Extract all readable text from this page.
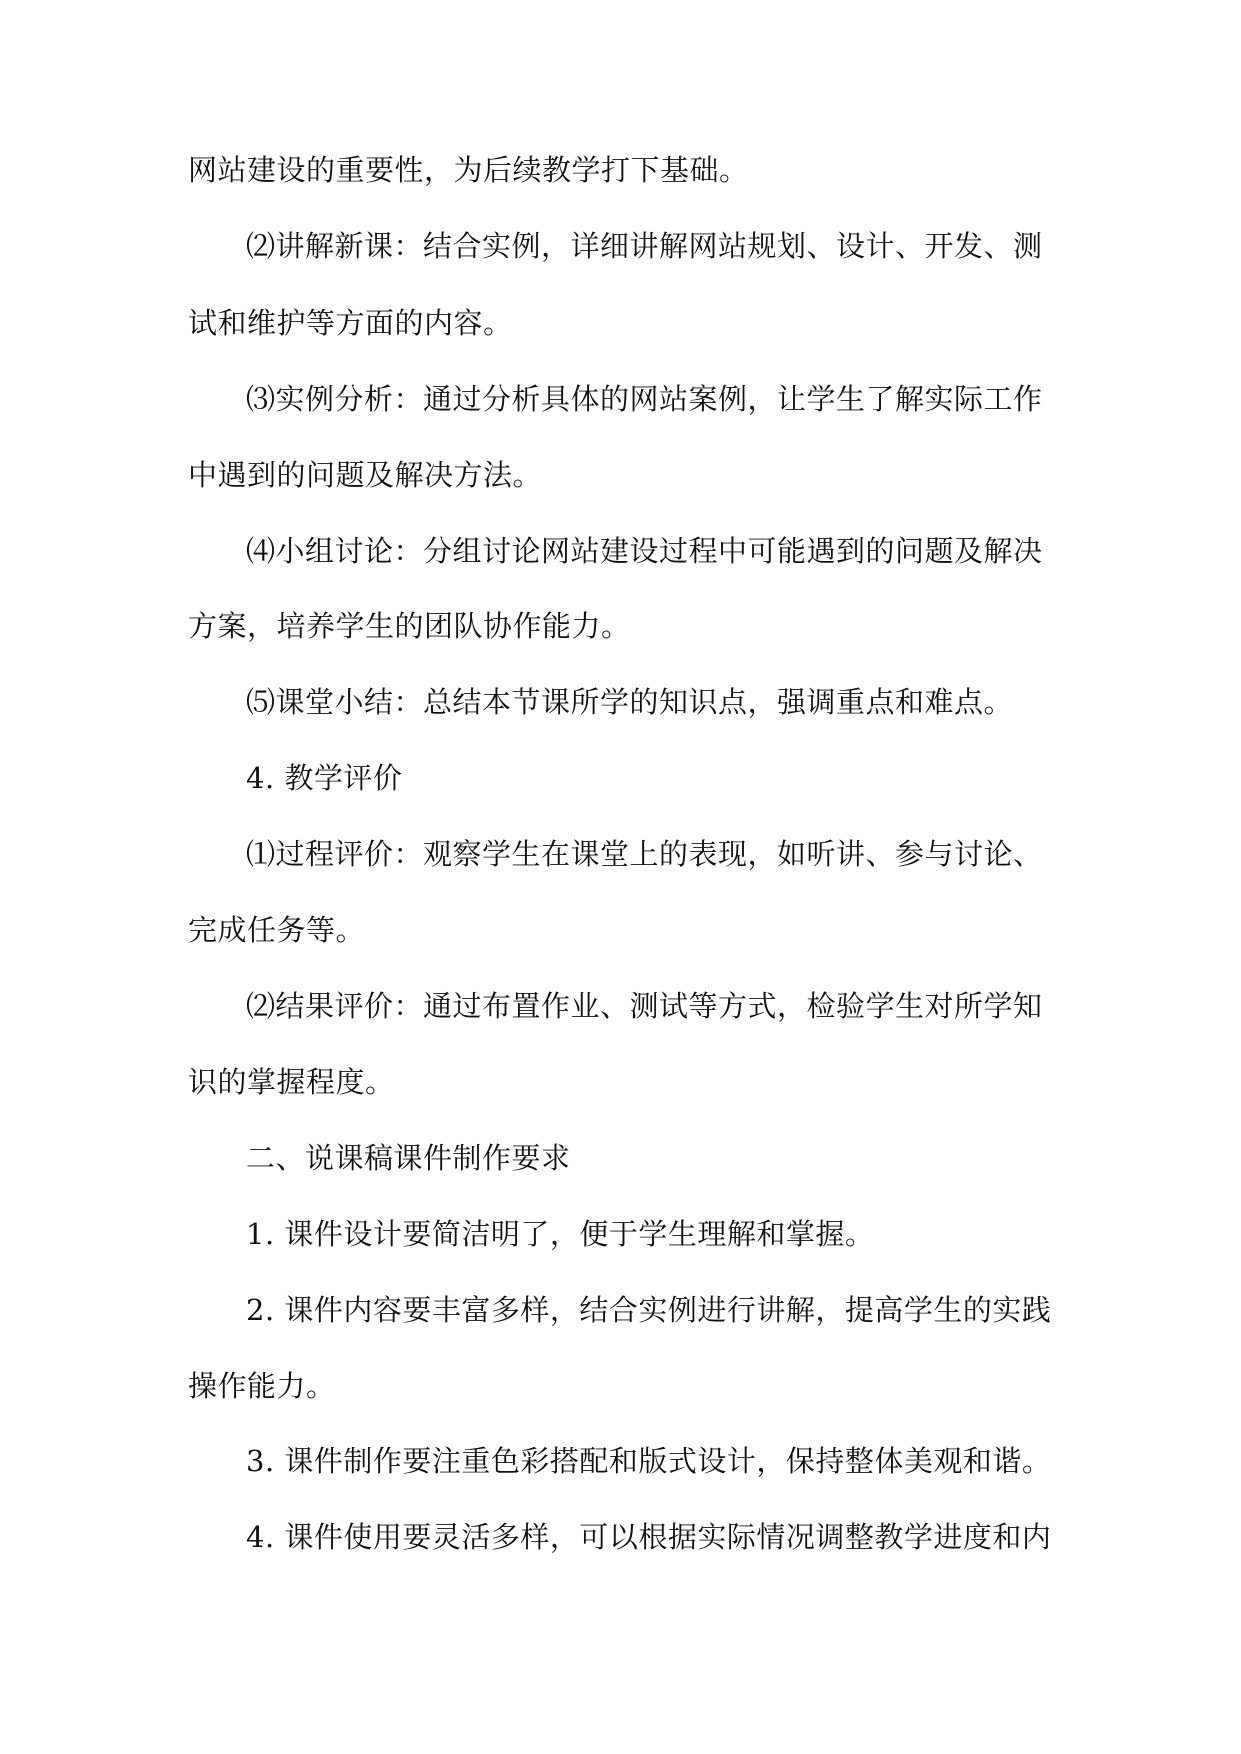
网站建设的重要性，为后续教学打下基础。
⑵讲解新课：结合实例，详细讲解网站规划、设计、开发、测
试和维护等方面的内容。
⑶实例分析：通过分析具体的网站案例，让学生了解实际工作
中遇到的问题及解决方法。
⑷小组讨论：分组讨论网站建设过程中可能遇到的问题及解决
方案，培养学生的团队协作能力。
⑸课堂小结：总结本节课所学的知识点，强调重点和难点。
4. 教学评价
⑴过程评价：观察学生在课堂上的表现，如听讲、参与讨论、
完成任务等。
⑵结果评价：通过布置作业、测试等方式，检验学生对所学知
识的掌握程度。
二、说课稿课件制作要求
1. 课件设计要简洁明了，便于学生理解和掌握。
2. 课件内容要丰富多样，结合实例进行讲解，提高学生的实践
操作能力。
3. 课件制作要注重色彩搭配和版式设计，保持整体美观和谐。
4. 课件使用要灵活多样，可以根据实际情况调整教学进度和内
